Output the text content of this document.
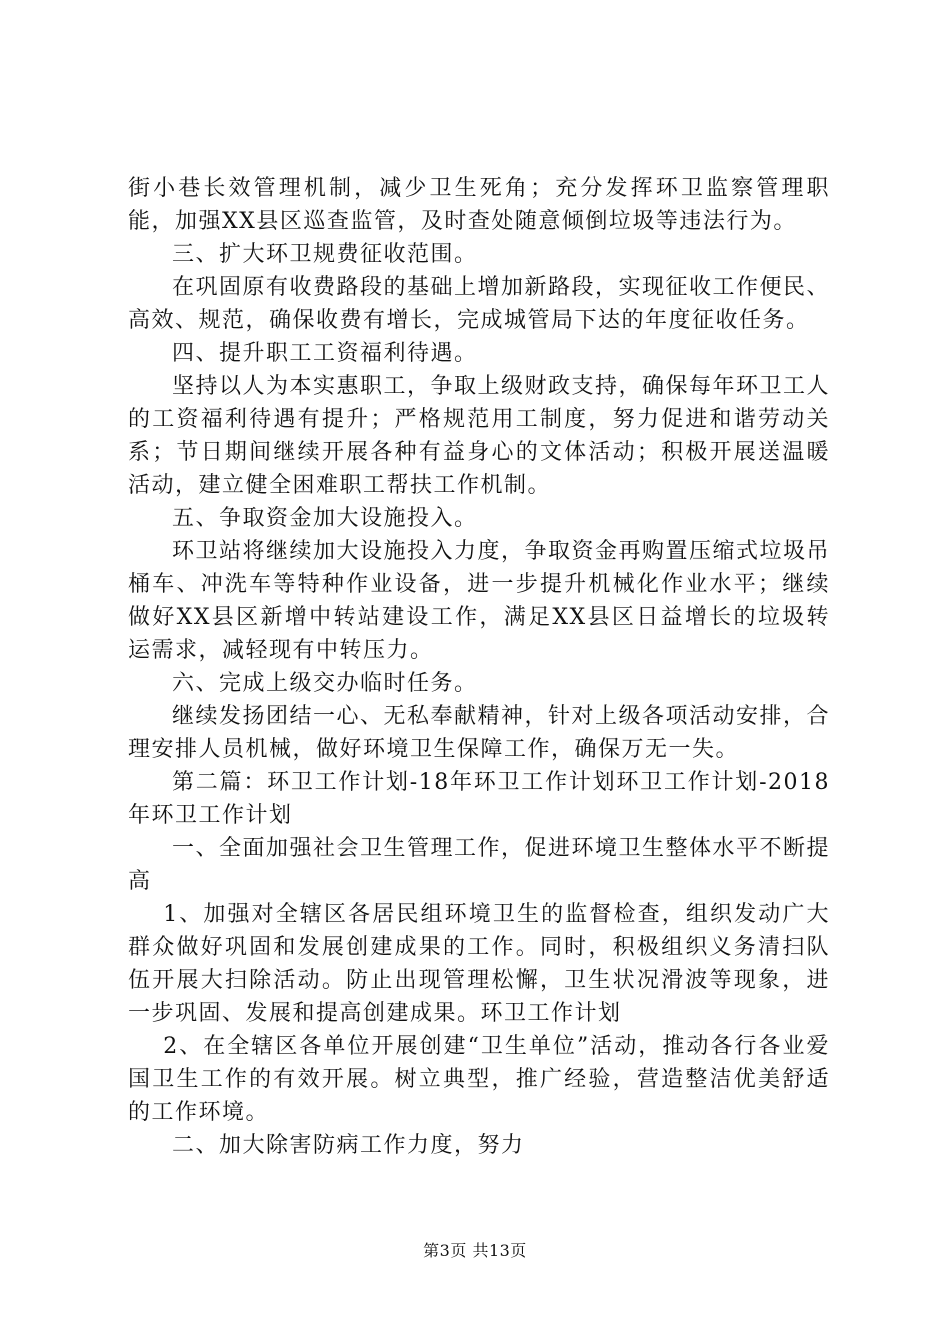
街小巷长效管理机制，减少卫生死角；充分发挥环卫监察管理职能，加强XX县区巡查监管，及时查处随意倾倒垃圾等违法行为。

三、扩大环卫规费征收范围。

在巩固原有收费路段的基础上增加新路段，实现征收工作便民、高效、规范，确保收费有增长，完成城管局下达的年度征收任务。

四、提升职工工资福利待遇。

坚持以人为本实惠职工，争取上级财政支持，确保每年环卫工人的工资福利待遇有提升；严格规范用工制度，努力促进和谐劳动关系；节日期间继续开展各种有益身心的文体活动；积极开展送温暖活动，建立健全困难职工帮扶工作机制。

五、争取资金加大设施投入。

环卫站将继续加大设施投入力度，争取资金再购置压缩式垃圾吊桶车、冲洗车等特种作业设备，进一步提升机械化作业水平；继续做好XX县区新增中转站建设工作，满足XX县区日益增长的垃圾转运需求，减轻现有中转压力。

六、完成上级交办临时任务。

继续发扬团结一心、无私奉献精神，针对上级各项活动安排，合理安排人员机械，做好环境卫生保障工作，确保万无一失。

第二篇：环卫工作计划-18年环卫工作计划环卫工作计划-2018年环卫工作计划

一、全面加强社会卫生管理工作，促进环境卫生整体水平不断提高

1、加强对全辖区各居民组环境卫生的监督检查，组织发动广大群众做好巩固和发展创建成果的工作。同时，积极组织义务清扫队伍开展大扫除活动。防止出现管理松懈，卫生状况滑波等现象，进一步巩固、发展和提高创建成果。环卫工作计划

2、在全辖区各单位开展创建“卫生单位”活动，推动各行各业爱国卫生工作的有效开展。树立典型，推广经验，营造整洁优美舒适的工作环境。

二、加大除害防病工作力度，努力

第3页 共13页
